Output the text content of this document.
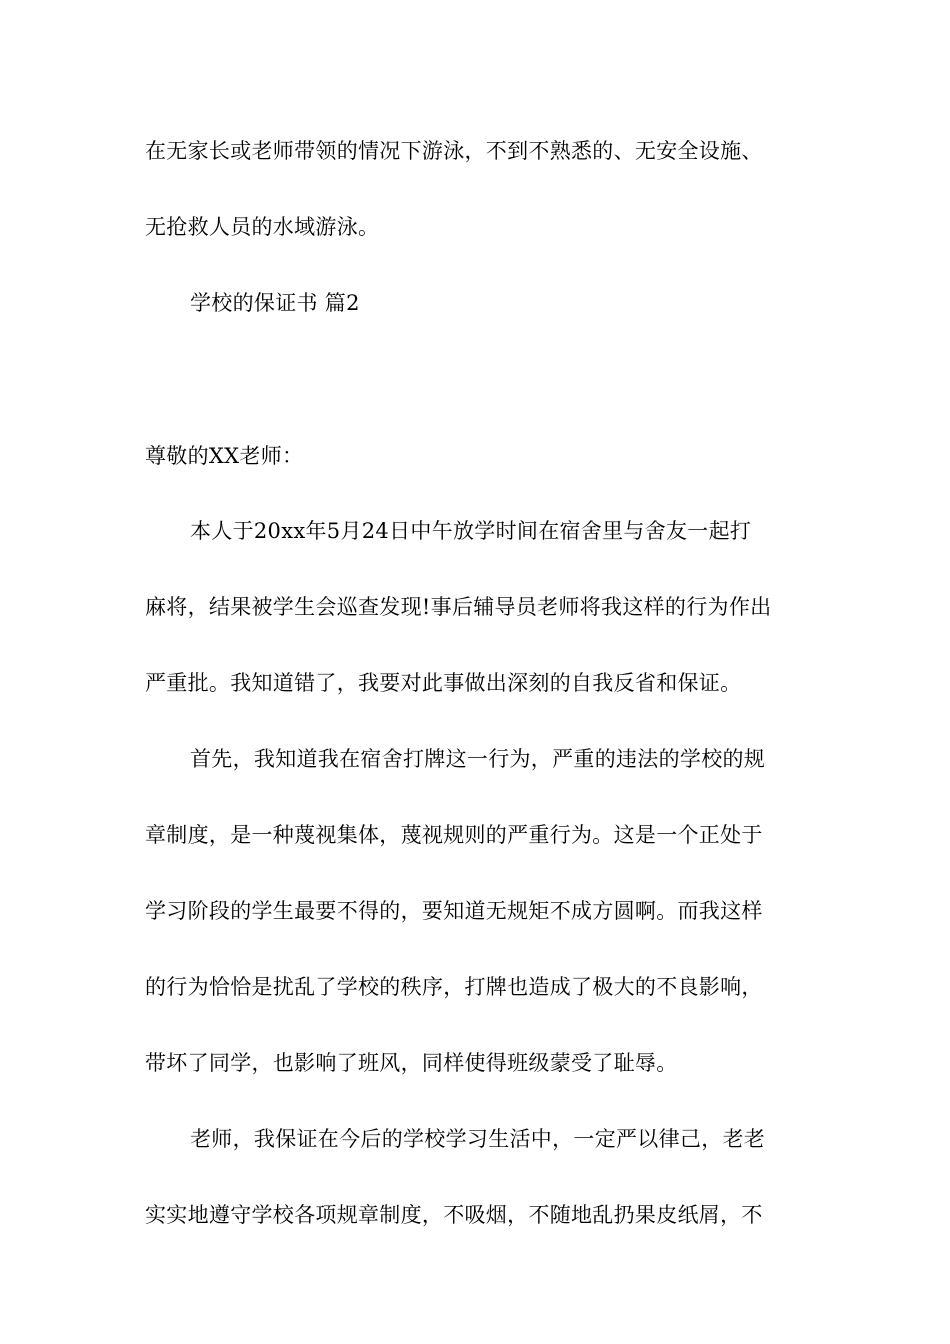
在无家长或老师带领的情况下游泳，不到不熟悉的、无安全设施、
无抢救人员的水域游泳。
学校的保证书 篇2
尊敬的XX老师：
本人于20xx年5月24日中午放学时间在宿舍里与舍友一起打
麻将，结果被学生会巡查发现!事后辅导员老师将我这样的行为作出
严重批。我知道错了，我要对此事做出深刻的自我反省和保证。
首先，我知道我在宿舍打牌这一行为，严重的违法的学校的规
章制度，是一种蔑视集体，蔑视规则的严重行为。这是一个正处于
学习阶段的学生最要不得的，要知道无规矩不成方圆啊。而我这样
的行为恰恰是扰乱了学校的秩序，打牌也造成了极大的不良影响，
带坏了同学，也影响了班风，同样使得班级蒙受了耻辱。
老师，我保证在今后的学校学习生活中，一定严以律己，老老
实实地遵守学校各项规章制度，不吸烟，不随地乱扔果皮纸屑，不
